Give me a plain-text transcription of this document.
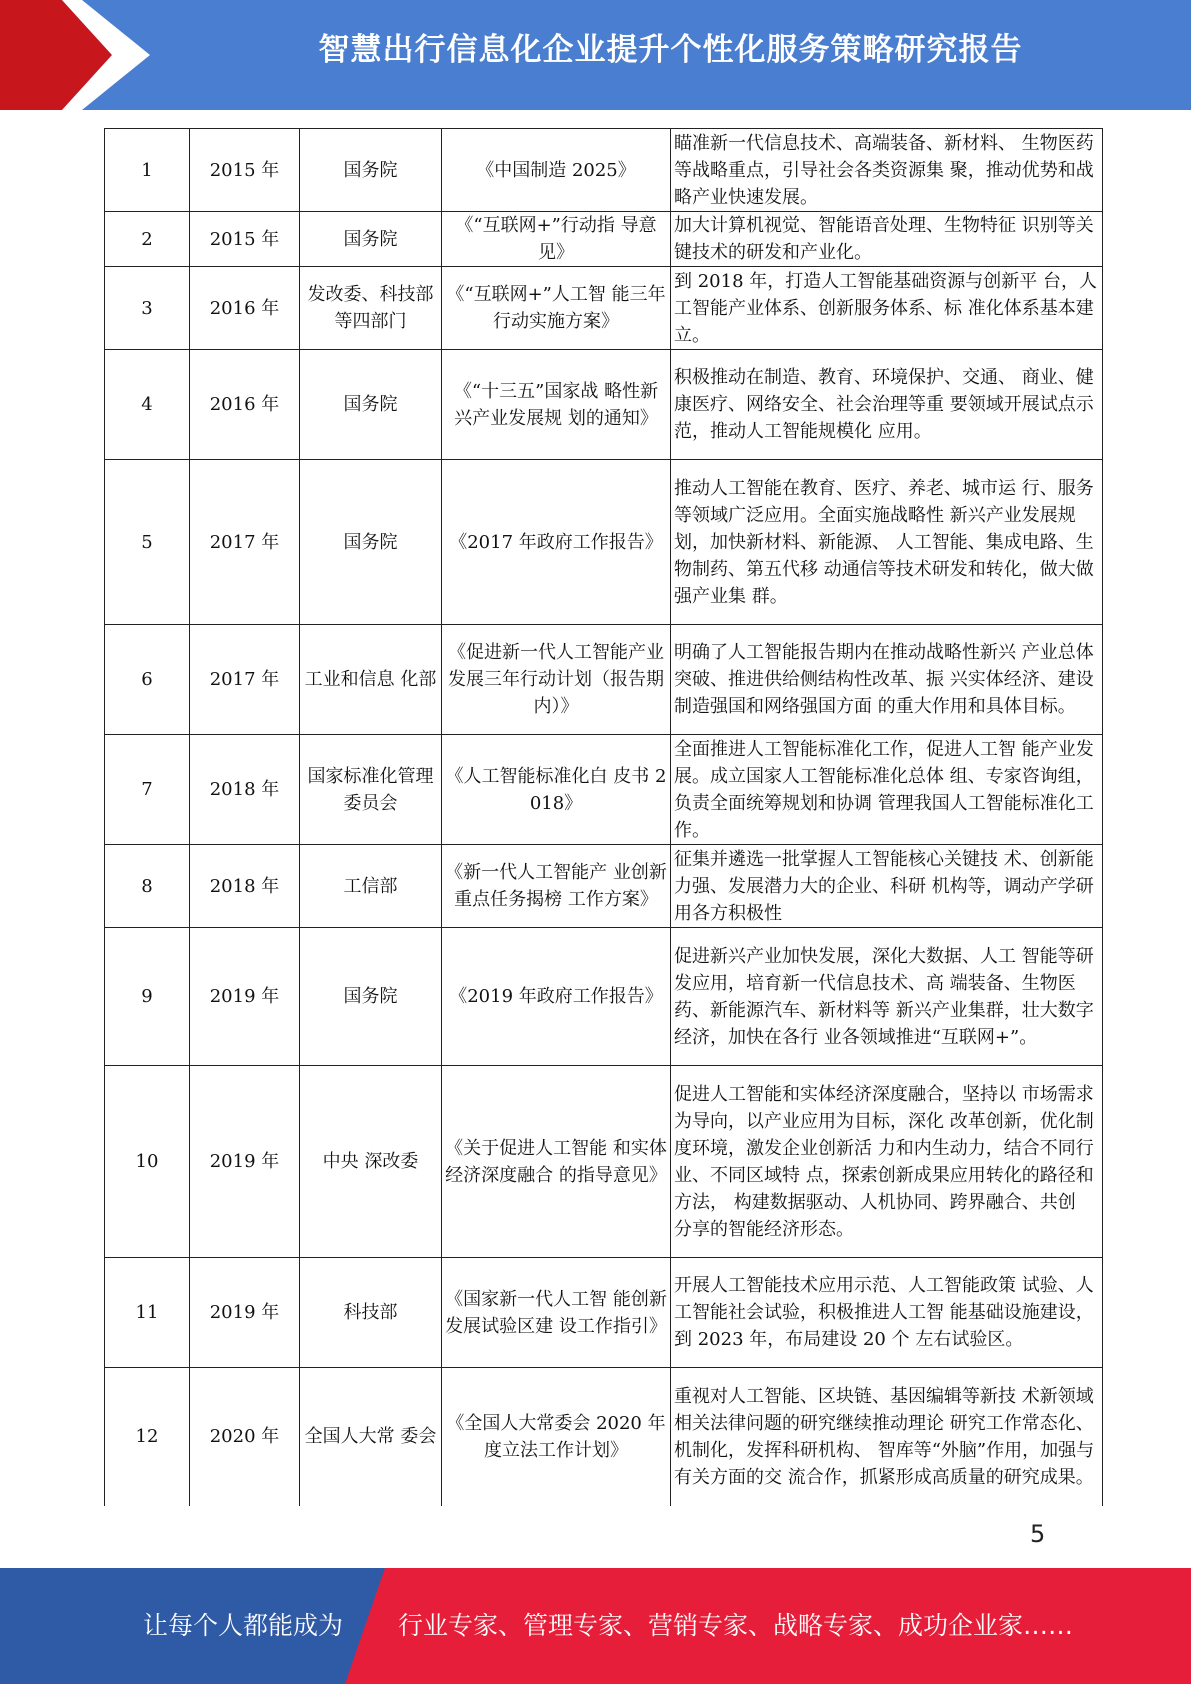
智慧出行信息化企业提升个性化服务策略研究报告
1	2015 年	国务院	《中国制造 2025》	瞄准新一代信息技术、高端装备、新材料、 生物医药等战略重点，引导社会各类资源集 聚，推动优势和战略产业快速发展。
2	2015 年	国务院	《“互联网+”行动指 导意见》	加大计算机视觉、智能语音处理、生物特征 识别等关键技术的研发和产业化。
3	2016 年	发改委、科技部等四部门	《“互联网+”人工智 能三年行动实施方案》	到 2018 年，打造人工智能基础资源与创新平 台，人工智能产业体系、创新服务体系、标 准化体系基本建立。
4	2016 年	国务院	《“十三五”国家战 略性新兴产业发展规 划的通知》	积极推动在制造、教育、环境保护、交通、 商业、健康医疗、网络安全、社会治理等重 要领域开展试点示范，推动人工智能规模化 应用。
5	2017 年	国务院	《2017 年政府工作报告》	推动人工智能在教育、医疗、养老、城市运 行、服务等领域广泛应用。全面实施战略性 新兴产业发展规划，加快新材料、新能源、 人工智能、集成电路、生物制药、第五代移 动通信等技术研发和转化，做大做强产业集 群。
6	2017 年	工业和信息 化部	《促进新一代人工智能产业发展三年行动计划（报告期内）》	明确了人工智能报告期内在推动战略性新兴 产业总体突破、推进供给侧结构性改革、振 兴实体经济、建设制造强国和网络强国方面 的重大作用和具体目标。
7	2018 年	国家标准化管理委员会	《人工智能标准化白 皮书 2018》	全面推进人工智能标准化工作，促进人工智 能产业发展。成立国家人工智能标准化总体 组、专家咨询组，负责全面统筹规划和协调 管理我国人工智能标准化工作。
8	2018 年	工信部	《新一代人工智能产 业创新重点任务揭榜 工作方案》	征集并遴选一批掌握人工智能核心关键技 术、创新能力强、发展潜力大的企业、科研 机构等，调动产学研用各方积极性
9	2019 年	国务院	《2019 年政府工作报告》	促进新兴产业加快发展，深化大数据、人工 智能等研发应用，培育新一代信息技术、高 端装备、生物医药、新能源汽车、新材料等 新兴产业集群，壮大数字经济，加快在各行 业各领域推进“互联网+”。
10	2019 年	中央 深改委	《关于促进人工智能 和实体经济深度融合 的指导意见》	促进人工智能和实体经济深度融合，坚持以 市场需求为导向，以产业应用为目标，深化 改革创新，优化制度环境，激发企业创新活 力和内生动力，结合不同行业、不同区域特 点，探索创新成果应用转化的路径和方法， 构建数据驱动、人机协同、跨界融合、共创 分享的智能经济形态。
11	2019 年	科技部	《国家新一代人工智 能创新发展试验区建 设工作指引》	开展人工智能技术应用示范、人工智能政策 试验、人工智能社会试验，积极推进人工智 能基础设施建设，到 2023 年，布局建设 20 个 左右试验区。
12	2020 年	全国人大常 委会	《全国人大常委会 2020 年度立法工作计划》	重视对人工智能、区块链、基因编辑等新技 术新领域相关法律问题的研究继续推动理论 研究工作常态化、机制化，发挥科研机构、 智库等“外脑”作用，加强与有关方面的交 流合作，抓紧形成高质量的研究成果。
5
让每个人都能成为 行业专家、管理专家、营销专家、战略专家、成功企业家……
